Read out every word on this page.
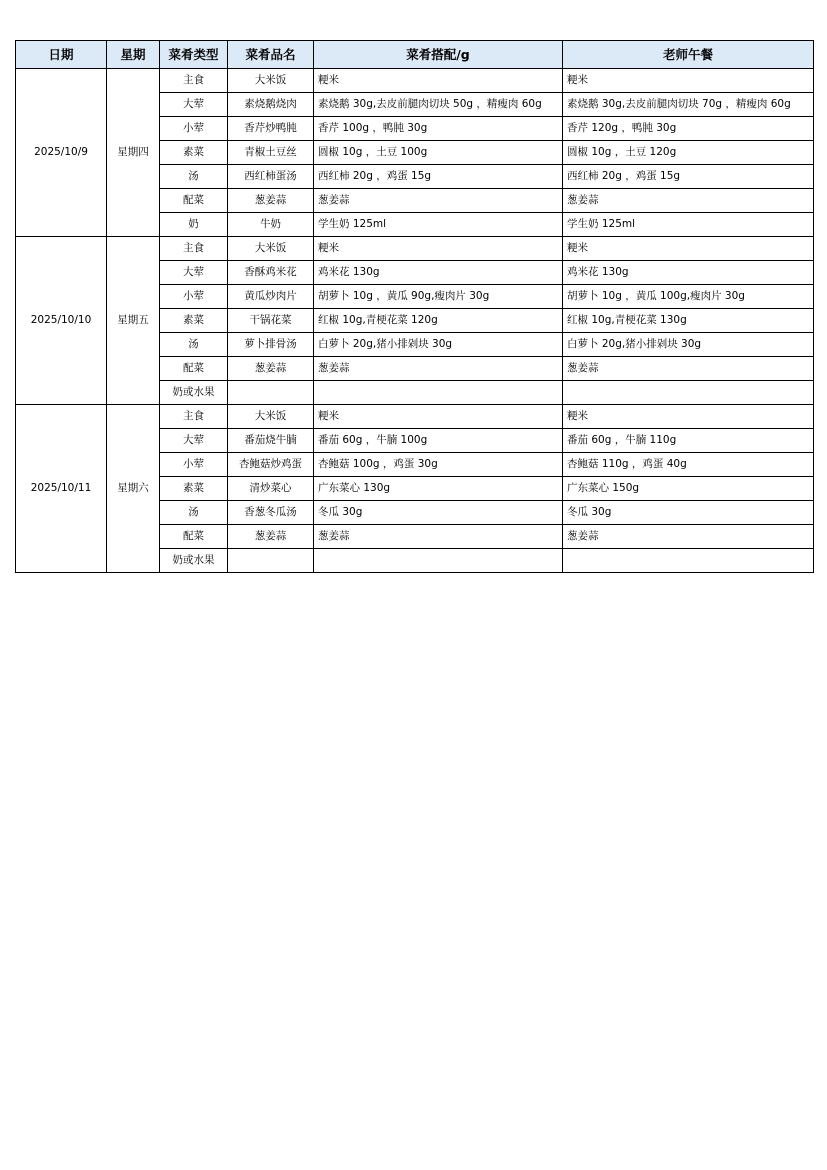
日期	星期	菜肴类型	菜肴品名	菜肴搭配/g	老师午餐
2025/10/9	星期四	主食	大米饭	粳米	粳米
		大荤	素烧鹅烧肉	素烧鹅 30g,去皮前腿肉切块 50g ，精瘦肉 60g	素烧鹅 30g,去皮前腿肉切块 70g ，精瘦肉 60g
		小荤	香芹炒鸭肫	香芹 100g ，鸭肫 30g	香芹 120g ，鸭肫 30g
		素菜	青椒土豆丝	圆椒 10g ，土豆 100g	圆椒 10g ，土豆 120g
		汤	西红柿蛋汤	西红柿 20g ，鸡蛋 15g	西红柿 20g ，鸡蛋 15g
		配菜	葱姜蒜	葱姜蒜	葱姜蒜
		奶	牛奶	学生奶 125ml	学生奶 125ml
2025/10/10	星期五	主食	大米饭	粳米	粳米
		大荤	香酥鸡米花	鸡米花 130g	鸡米花 130g
		小荤	黄瓜炒肉片	胡萝卜 10g ，黄瓜 90g,瘦肉片 30g	胡萝卜 10g ，黄瓜 100g,瘦肉片 30g
		素菜	干锅花菜	红椒 10g,青梗花菜 120g	红椒 10g,青梗花菜 130g
		汤	萝卜排骨汤	白萝卜 20g,猪小排剁块 30g	白萝卜 20g,猪小排剁块 30g
		配菜	葱姜蒜	葱姜蒜	葱姜蒜
		奶或水果			
2025/10/11	星期六	主食	大米饭	粳米	粳米
		大荤	番茄烧牛腩	番茄 60g ，牛腩 100g	番茄 60g ，牛腩 110g
		小荤	杏鲍菇炒鸡蛋	杏鲍菇 100g ，鸡蛋 30g	杏鲍菇 110g ，鸡蛋 40g
		素菜	清炒菜心	广东菜心 130g	广东菜心 150g
		汤	香葱冬瓜汤	冬瓜 30g	冬瓜 30g
		配菜	葱姜蒜	葱姜蒜	葱姜蒜
		奶或水果			
